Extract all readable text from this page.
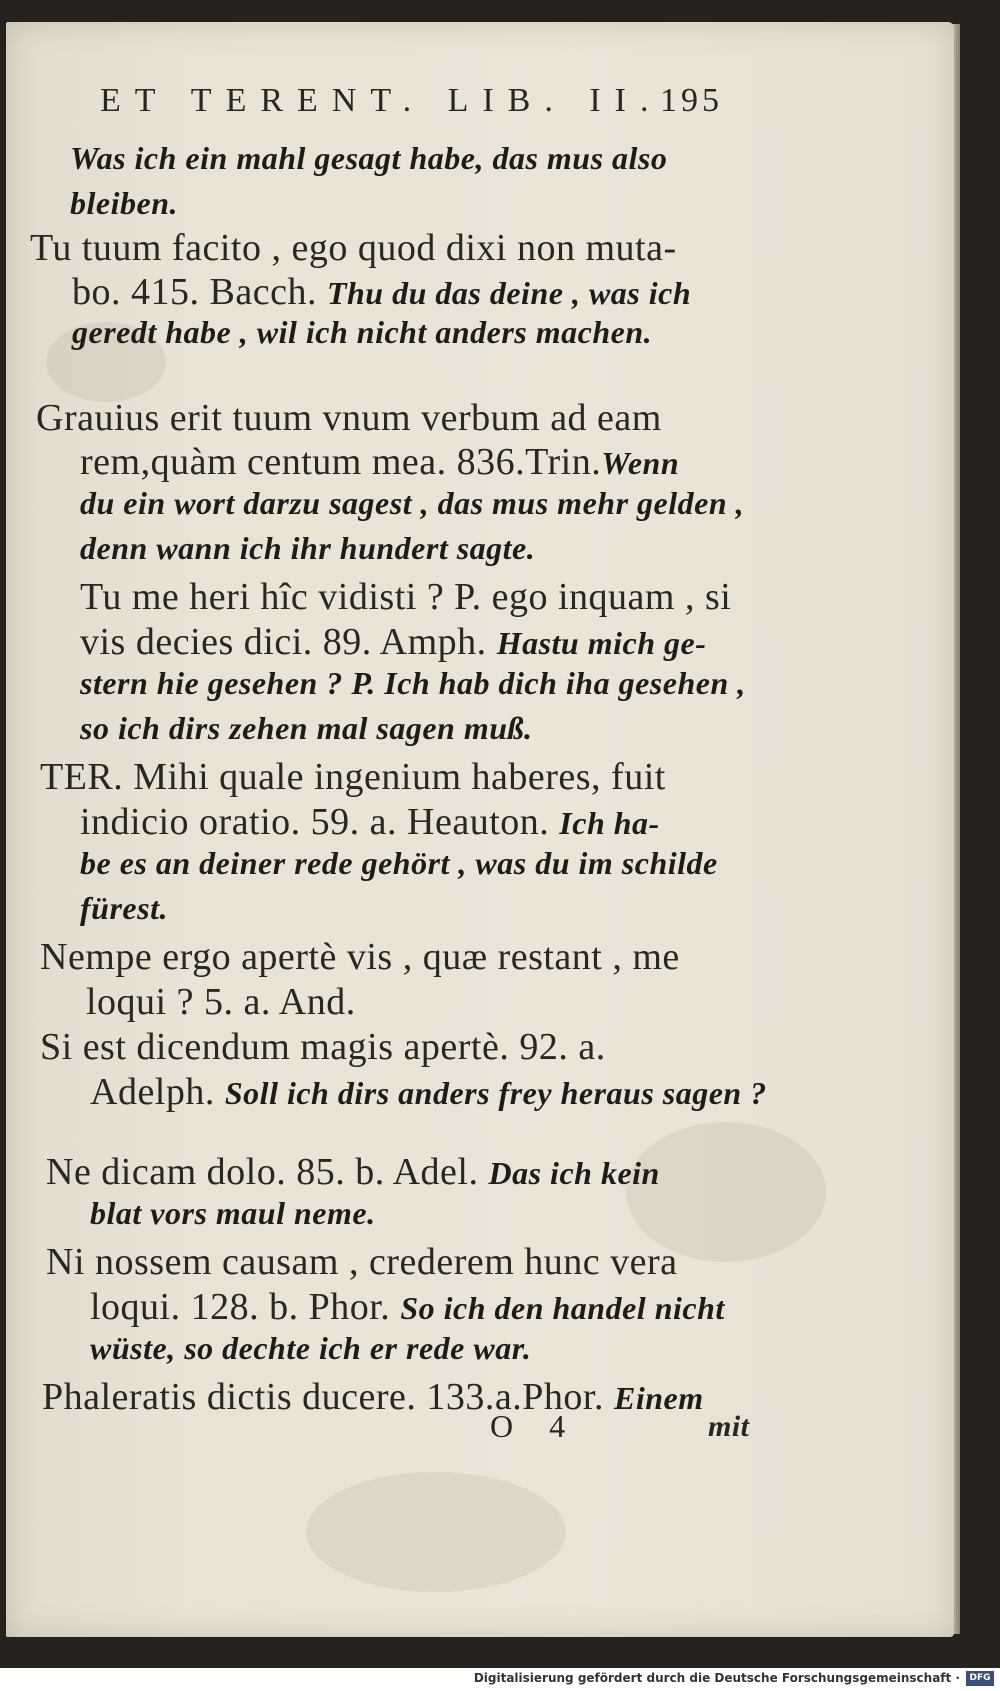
ET TERENT. LIB. II.
195
Was ich ein mahl gesagt habe, das mus also
bleiben.
Tu tuum facito , ego quod dixi non muta-
bo. 415. Bacch. Thu du das deine , was ich
geredt habe , wil ich nicht anders machen.
Grauius erit tuum vnum verbum ad eam
rem,quàm centum mea. 836.Trin.Wenn
du ein wort darzu sagest , das mus mehr gelden ,
denn wann ich ihr hundert sagte.
Tu me heri hîc vidisti ? P. ego inquam , si
vis decies dici. 89. Amph. Hastu mich ge-
stern hie gesehen ? P. Ich hab dich iha gesehen ,
so ich dirs zehen mal sagen muß.
TER. Mihi quale ingenium haberes, fuit
indicio oratio. 59. a. Heauton. Ich ha-
be es an deiner rede gehört , was du im schilde
fürest.
Nempe ergo apertè vis , quæ restant , me
loqui ? 5. a. And.
Si est dicendum magis apertè. 92. a.
Adelph. Soll ich dirs anders frey heraus sagen ?
Ne dicam dolo. 85. b. Adel. Das ich kein
blat vors maul neme.
Ni nossem causam , crederem hunc vera
loqui. 128. b. Phor. So ich den handel nicht
wüste, so dechte ich er rede war.
Phaleratis dictis ducere. 133.a.Phor. Einem
O 4	mit
Digitalisierung gefördert durch die Deutsche Forschungsgemeinschaft ·	DFG
